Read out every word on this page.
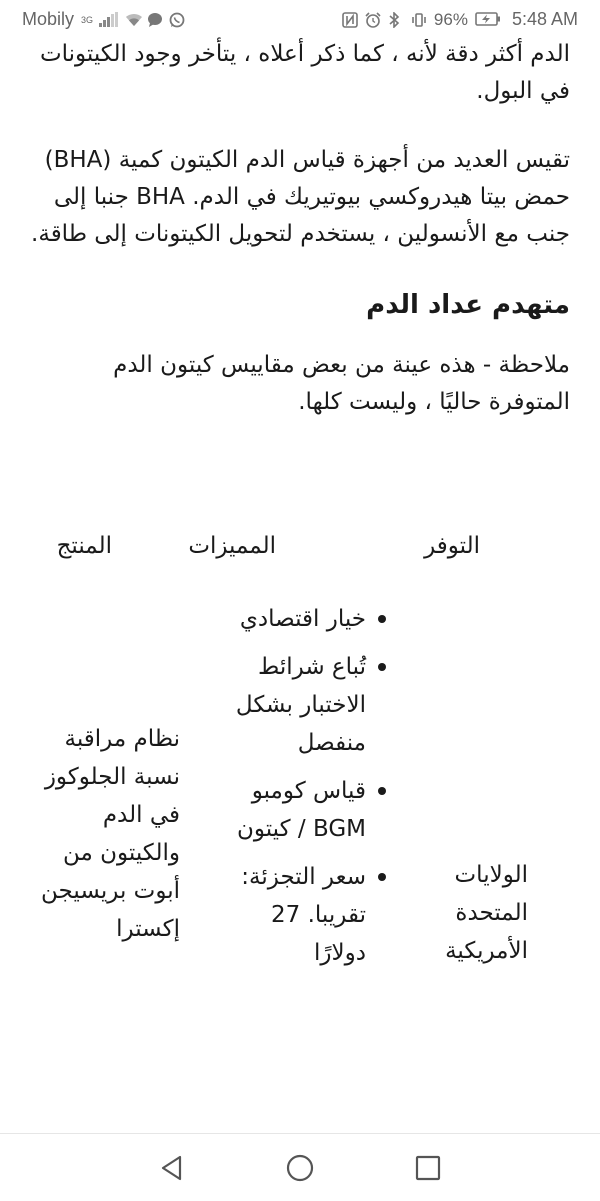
Mobily 3G	96% 5:48 AM

الدم أكثر دقة لأنه ، كما ذكر أعلاه ، يتأخر وجود الكيتونات في البول.

تقيس العديد من أجهزة قياس الدم الكيتون كمية (BHA) حمض بيتا هيدروكسي بيوتيريك في الدم. BHA جنبا إلى جنب مع الأنسولين ، يستخدم لتحويل الكيتونات إلى طاقة.

متهدم عداد الدم

ملاحظة - هذه عينة من بعض مقاييس كيتون الدم المتوفرة حاليًا ، وليست كلها.

التوفر
المميزات
المنتج
الولايات المتحدة الأمريكية
خيار اقتصادي
تُباع شرائط الاختبار بشكل منفصل
قياس كومبو BGM / كيتون
سعر التجزئة: تقريبا. 27 دولارًا
نظام مراقبة نسبة الجلوكوز في الدم والكيتون من أبوت بريسيجن إكسترا
